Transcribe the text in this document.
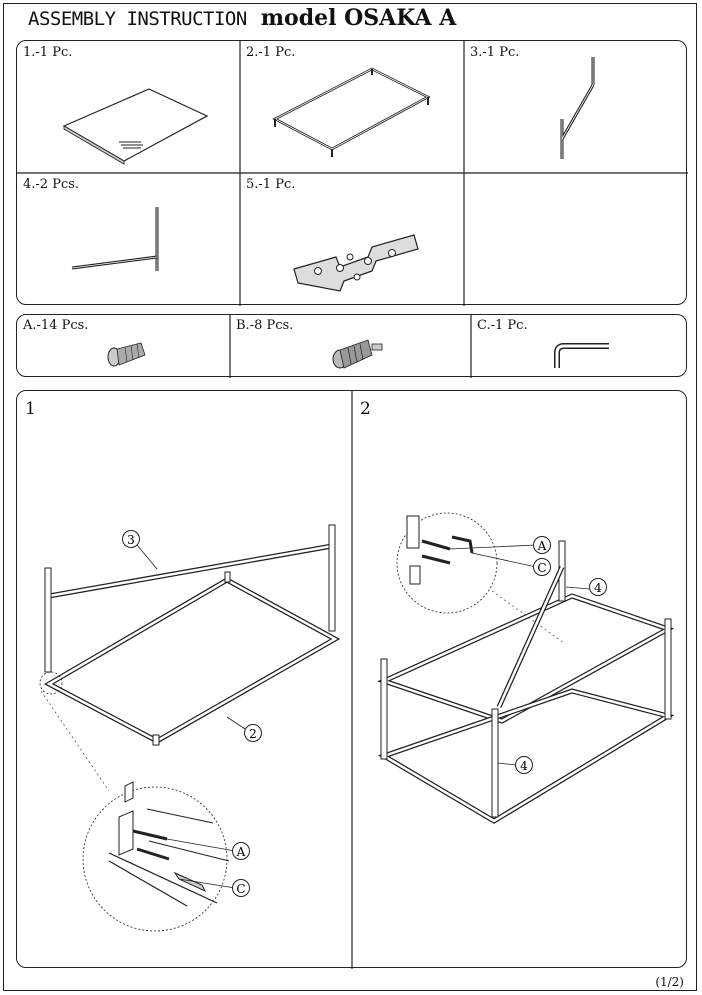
ASSEMBLY INSTRUCTION model OSAKA A
1.-1 Pc.	2.-1 Pc.	3.-1 Pc.
4.-2 Pcs.	5.-1 Pc.
A.-14 Pcs.	B.-8 Pcs.	C.-1 Pc.
1
3
2
A
C
2
A
C
4
4
(1/2)
